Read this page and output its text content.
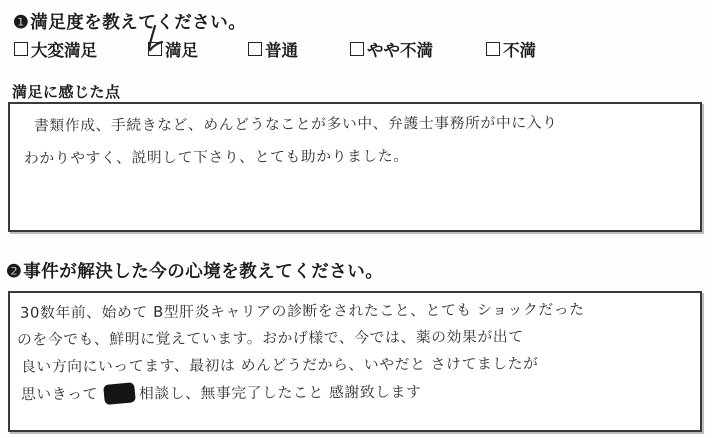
❶満足度を教えてください。
大変満足	満足	普通	やや不満	不満
満足に感じた点
書類作成、手続きなど、めんどうなことが多い中、弁護士事務所が中に入り
わかりやすく、説明して下さり、とても助かりました。
❷事件が解決した今の心境を教えてください。
30数年前、始めて B型肝炎キャリアの診断をされたこと、とても ショックだった
のを今でも、鮮明に覚えています。おかげ様で、今では、薬の効果が出て
良い方向にいってます、最初は めんどうだから、いやだと さけてましたが
思いきって	相談し、無事完了したこと 感謝致します
